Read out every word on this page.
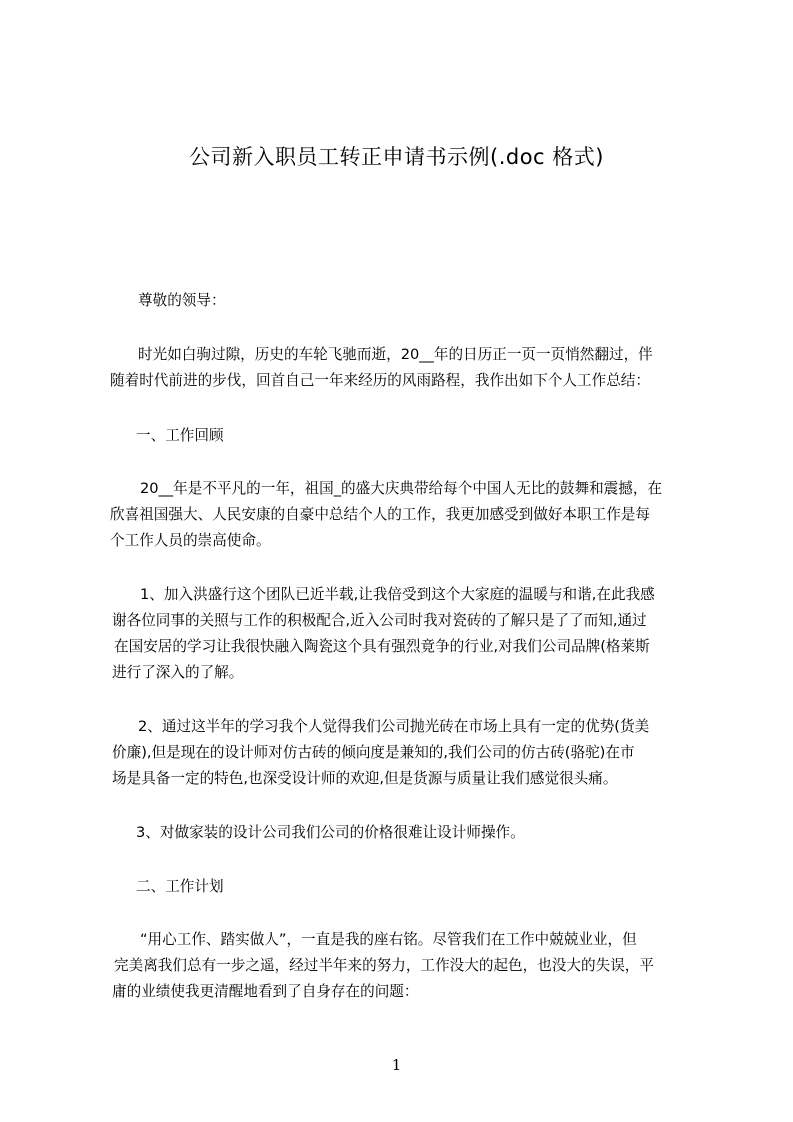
公司新入职员工转正申请书示例(.doc 格式)
尊敬的领导：
时光如白驹过隙，历史的车轮飞驰而逝，20__年的日历正一页一页悄然翻过，伴
随着时代前进的步伐，回首自己一年来经历的风雨路程，我作出如下个人工作总结：
一、工作回顾
20__年是不平凡的一年，祖国_的盛大庆典带给每个中国人无比的鼓舞和震撼，在
欣喜祖国强大、人民安康的自豪中总结个人的工作，我更加感受到做好本职工作是每
个工作人员的崇高使命。
1、加入洪盛行这个团队已近半载,让我倍受到这个大家庭的温暖与和谐,在此我感
谢各位同事的关照与工作的积极配合,近入公司时我对瓷砖的了解只是了了而知,通过
在国安居的学习让我很快融入陶瓷这个具有强烈竟争的行业,对我们公司品牌(格莱斯
进行了深入的了解。
2、通过这半年的学习我个人觉得我们公司抛光砖在市场上具有一定的优势(货美
价廉),但是现在的设计师对仿古砖的倾向度是兼知的,我们公司的仿古砖(骆驼)在市
场是具备一定的特色,也深受设计师的欢迎,但是货源与质量让我们感觉很头痛。
3、对做家装的设计公司我们公司的价格很难让设计师操作。
二、工作计划
“用心工作、踏实做人”，一直是我的座右铭。尽管我们在工作中兢兢业业，但
完美离我们总有一步之遥，经过半年来的努力，工作没大的起色，也没大的失误，平
庸的业绩使我更清醒地看到了自身存在的问题：
1
